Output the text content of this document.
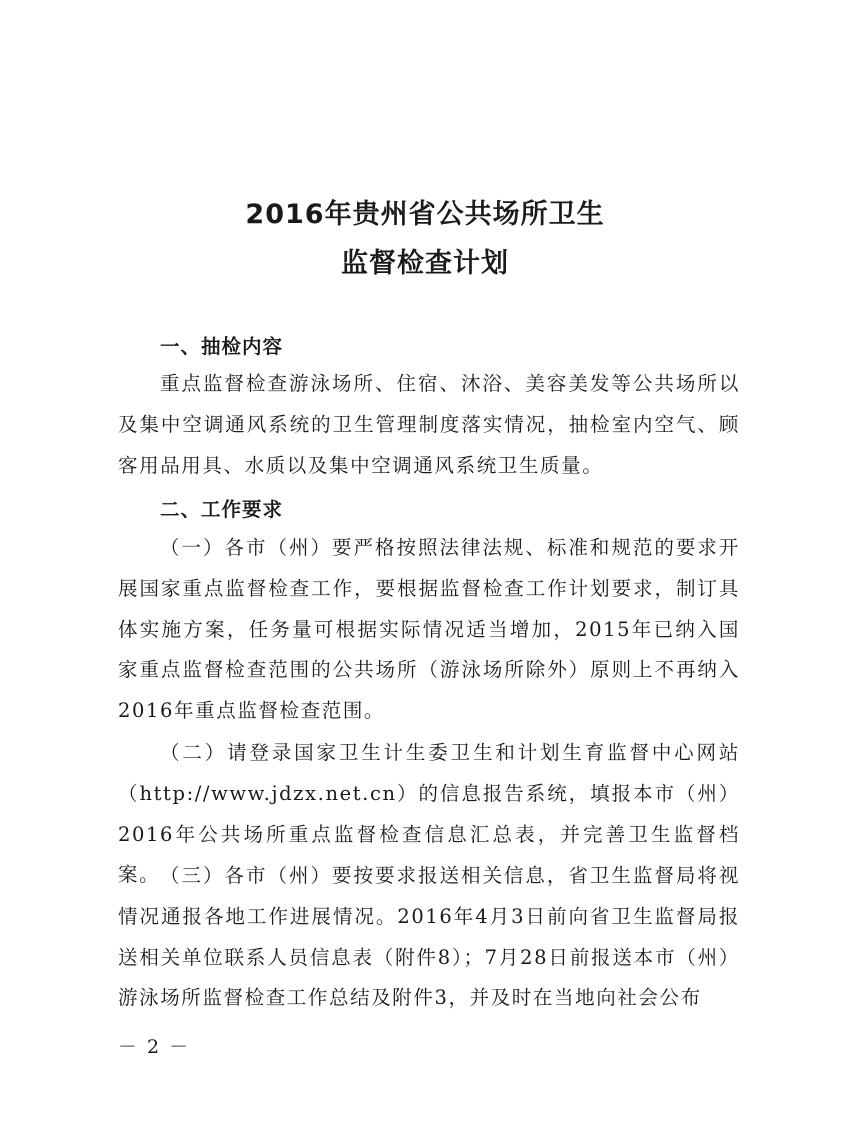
2016年贵州省公共场所卫生
监督检查计划
一、抽检内容

重点监督检查游泳场所、住宿、沐浴、美容美发等公共场所以及集中空调通风系统的卫生管理制度落实情况，抽检室内空气、顾客用品用具、水质以及集中空调通风系统卫生质量。

二、工作要求

（一）各市（州）要严格按照法律法规、标准和规范的要求开展国家重点监督检查工作，要根据监督检查工作计划要求，制订具体实施方案，任务量可根据实际情况适当增加，2015年已纳入国家重点监督检查范围的公共场所（游泳场所除外）原则上不再纳入2016年重点监督检查范围。

（二）请登录国家卫生计生委卫生和计划生育监督中心网站（http://www.jdzx.net.cn）的信息报告系统，填报本市（州）2016年公共场所重点监督检查信息汇总表，并完善卫生监督档案。 （三）各市（州）要按要求报送相关信息，省卫生监督局将视情况通报各地工作进展情况。2016年4月3日前向省卫生监督局报送相关单位联系人员信息表（附件8）；7月28日前报送本市（州）游泳场所监督检查工作总结及附件3，并及时在当地向社会公布

－ 2 －
